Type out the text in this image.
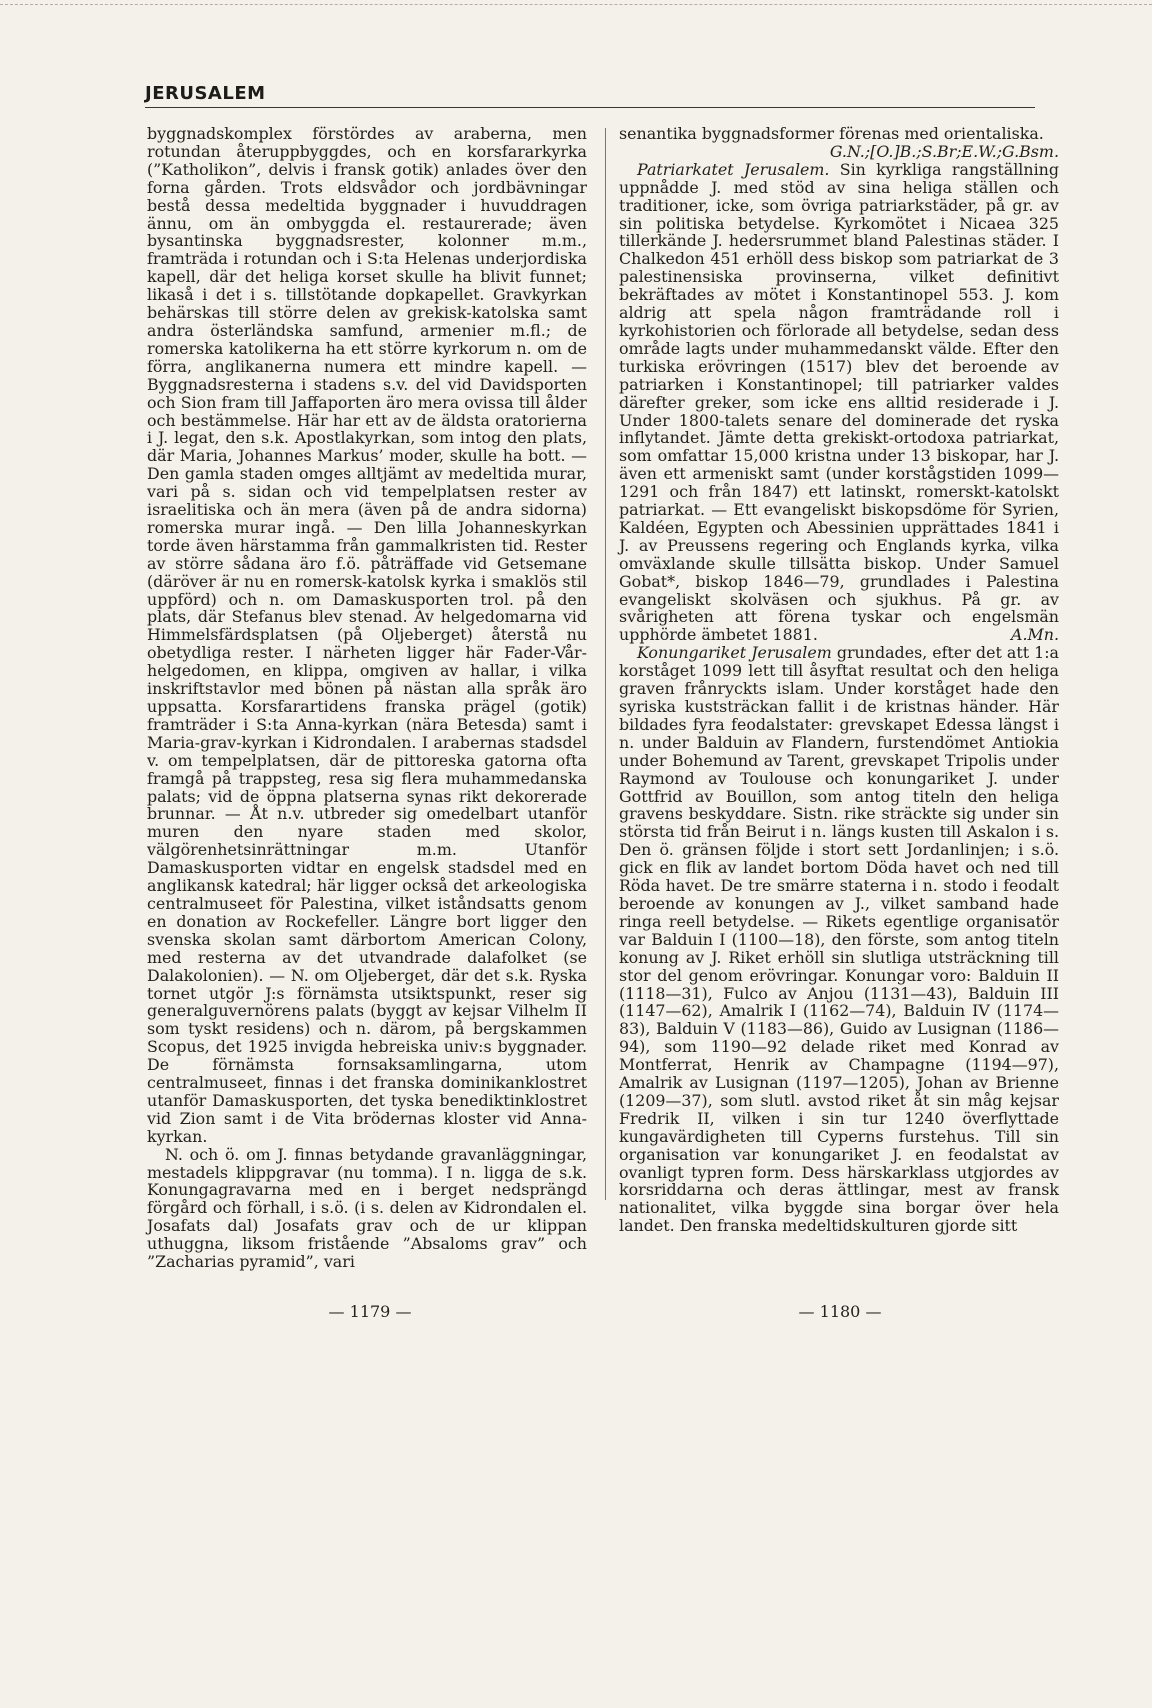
JERUSALEM

byggnadskomplex förstördes av araberna, men rotundan återuppbyggdes, och en korsfararkyrka (”Katholikon”, delvis i fransk gotik) anlades över den forna gården. Trots eldsvådor och jordbävningar bestå dessa medeltida byggnader i huvuddragen ännu, om än ombyggda el. restaurerade; även bysantinska byggnadsrester, kolonner m.m., framträda i rotundan och i S:ta Helenas underjordiska kapell, där det heliga korset skulle ha blivit funnet; likaså i det i s. tillstötande dopkapellet. Gravkyrkan behärskas till större delen av grekisk-katolska samt andra österländska samfund, armenier m.fl.; de romerska katolikerna ha ett större kyrkorum n. om de förra, anglikanerna numera ett mindre kapell. — Byggnadsresterna i stadens s.v. del vid Davidsporten och Sion fram till Jaffaporten äro mera ovissa till ålder och bestämmelse. Här har ett av de äldsta oratorierna i J. legat, den s.k. Apostlakyrkan, som intog den plats, där Maria, Johannes Markus’ moder, skulle ha bott. — Den gamla staden omges alltjämt av medeltida murar, vari på s. sidan och vid tempelplatsen rester av israelitiska och än mera (även på de andra sidorna) romerska murar ingå. — Den lilla Johanneskyrkan torde även härstamma från gammalkristen tid. Rester av större sådana äro f.ö. påträffade vid Getsemane (däröver är nu en romersk-katolsk kyrka i smaklös stil uppförd) och n. om Damaskusporten trol. på den plats, där Stefanus blev stenad. Av helgedomarna vid Himmelsfärdsplatsen (på Oljeberget) återstå nu obetydliga rester. I närheten ligger här Fader-Vår-helgedomen, en klippa, omgiven av hallar, i vilka inskriftstavlor med bönen på nästan alla språk äro uppsatta. Korsfarartidens franska prägel (gotik) framträder i S:ta Anna-kyrkan (nära Betesda) samt i Maria-grav-kyrkan i Kidrondalen. I arabernas stadsdel v. om tempelplatsen, där de pittoreska gatorna ofta framgå på trappsteg, resa sig flera muhammedanska palats; vid de öppna platserna synas rikt dekorerade brunnar. — Åt n.v. utbreder sig omedelbart utanför muren den nyare staden med skolor, välgörenhetsinrättningar m.m. Utanför Damaskusporten vidtar en engelsk stadsdel med en anglikansk katedral; här ligger också det arkeologiska centralmuseet för Palestina, vilket iståndsatts genom en donation av Rockefeller. Längre bort ligger den svenska skolan samt därbortom American Colony, med resterna av det utvandrade dalafolket (se Dalakolonien). — N. om Oljeberget, där det s.k. Ryska tornet utgör J:s förnämsta utsiktspunkt, reser sig generalguvernörens palats (byggt av kejsar Vilhelm II som tyskt residens) och n. därom, på bergskammen Scopus, det 1925 invigda hebreiska univ:s byggnader. De förnämsta fornsaksamlingarna, utom centralmuseet, finnas i det franska dominikanklostret utanför Damaskusporten, det tyska benediktinklostret vid Zion samt i de Vita brödernas kloster vid Anna-kyrkan.

N. och ö. om J. finnas betydande gravanläggningar, mestadels klippgravar (nu tomma). I n. ligga de s.k. Konungagravarna med en i berget nedsprängd förgård och förhall, i s.ö. (i s. delen av Kidrondalen el. Josafats dal) Josafats grav och de ur klippan uthuggna, liksom fristående ”Absaloms grav” och ”Zacharias pyramid”, vari

senantika byggnadsformer förenas med orientaliska.
G.N.;[O.]B.;S.Br;E.W.;G.Bsm.

Patriarkatet Jerusalem. Sin kyrkliga rangställning uppnådde J. med stöd av sina heliga ställen och traditioner, icke, som övriga patriarkstäder, på gr. av sin politiska betydelse. Kyrkomötet i Nicaea 325 tillerkände J. hedersrummet bland Palestinas städer. I Chalkedon 451 erhöll dess biskop som patriarkat de 3 palestinensiska provinserna, vilket definitivt bekräftades av mötet i Konstantinopel 553. J. kom aldrig att spela någon framträdande roll i kyrkohistorien och förlorade all betydelse, sedan dess område lagts under muhammedanskt välde. Efter den turkiska erövringen (1517) blev det beroende av patriarken i Konstantinopel; till patriarker valdes därefter greker, som icke ens alltid residerade i J. Under 1800-talets senare del dominerade det ryska inflytandet. Jämte detta grekiskt-ortodoxa patriarkat, som omfattar 15,000 kristna under 13 biskopar, har J. även ett armeniskt samt (under korstågstiden 1099—1291 och från 1847) ett latinskt, romerskt-katolskt patriarkat. — Ett evangeliskt biskopsdöme för Syrien, Kaldéen, Egypten och Abessinien upprättades 1841 i J. av Preussens regering och Englands kyrka, vilka omväxlande skulle tillsätta biskop. Under Samuel Gobat*, biskop 1846—79, grundlades i Palestina evangeliskt skolväsen och sjukhus. På gr. av svårigheten att förena tyskar och engelsmän upphörde ämbetet 1881.	A.Mn.

Konungariket Jerusalem grundades, efter det att 1:a korståget 1099 lett till åsyftat resultat och den heliga graven frånryckts islam. Under korståget hade den syriska kuststräckan fallit i de kristnas händer. Här bildades fyra feodalstater: grevskapet Edessa längst i n. under Balduin av Flandern, furstendömet Antiokia under Bohemund av Tarent, grevskapet Tripolis under Raymond av Toulouse och konungariket J. under Gottfrid av Bouillon, som antog titeln den heliga gravens beskyddare. Sistn. rike sträckte sig under sin största tid från Beirut i n. längs kusten till Askalon i s. Den ö. gränsen följde i stort sett Jordanlinjen; i s.ö. gick en flik av landet bortom Döda havet och ned till Röda havet. De tre smärre staterna i n. stodo i feodalt beroende av konungen av J., vilket samband hade ringa reell betydelse. — Rikets egentlige organisatör var Balduin I (1100—18), den förste, som antog titeln konung av J. Riket erhöll sin slutliga utsträckning till stor del genom erövringar. Konungar voro: Balduin II (1118—31), Fulco av Anjou (1131—43), Balduin III (1147—62), Amalrik I (1162—74), Balduin IV (1174—83), Balduin V (1183—86), Guido av Lusignan (1186—94), som 1190—92 delade riket med Konrad av Montferrat, Henrik av Champagne (1194—97), Amalrik av Lusignan (1197—1205), Johan av Brienne (1209—37), som slutl. avstod riket åt sin måg kejsar Fredrik II, vilken i sin tur 1240 överflyttade kungavärdigheten till Cyperns furstehus. Till sin organisation var konungariket J. en feodalstat av ovanligt typren form. Dess härskarklass utgjordes av korsriddarna och deras ättlingar, mest av fransk nationalitet, vilka byggde sina borgar över hela landet. Den franska medeltidskulturen gjorde sitt

— 1179 —	— 1180 —
